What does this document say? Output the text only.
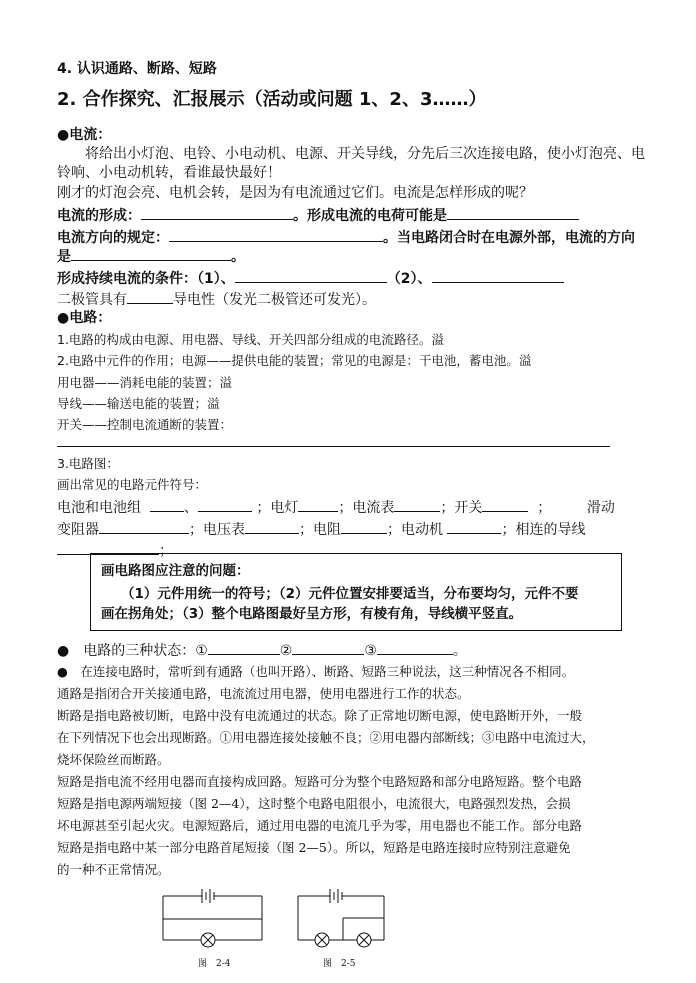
4. 认识通路、断路、短路
2. 合作探究、汇报展示（活动或问题 1、2、3……）
●电流：
将给出小灯泡、电铃、小电动机、电源、开关导线，分先后三次连接电路，使小灯泡亮、电
铃响、小电动机转，看谁最快最好！
刚才的灯泡会亮、电机会转，是因为有电流通过它们。电流是怎样形成的呢？
电流的形成：	。形成电流的电荷可能是
电流方向的规定：	。当电路闭合时在电源外部，电流的方向
是	。
形成持续电流的条件：（1）、	（2）、
二极管具有	导电性（发光二极管还可发光）。
●电路：
1.电路的构成由电源、用电器、导线、开关四部分组成的电流路径。溢
2.电路中元件的作用；电源——提供电能的装置；常见的电源是：干电池，蓄电池。溢
用电器——消耗电能的装置；溢
导线——输送电能的装置；溢
开关——控制电流通断的装置：
3.电路图：
画出常见的电路元件符号：
电池和电池组	、	；电灯	；电流表	；开关	；	滑动
变阻器	；电压表	；电阻	；电动机	；相连的导线
；
画电路图应注意的问题：
（1）元件用统一的符号；（2）元件位置安排要适当，分布要均匀，元件不要
画在拐角处；（3）整个电路图最好呈方形，有棱有角，导线横平竖直。
●　电路的三种状态：①	②	③	。
●　在连接电路时，常听到有通路（也叫开路）、断路、短路三种说法，这三种情况各不相同。
通路是指闭合开关接通电路，电流流过用电器，使用电器进行工作的状态。
断路是指电路被切断，电路中没有电流通过的状态。除了正常地切断电源，使电路断开外，一般
在下列情况下也会出现断路。①用电器连接处接触不良；②用电器内部断线；③电路中电流过大，
烧坏保险丝而断路。
短路是指电流不经用电器而直接构成回路。短路可分为整个电路短路和部分电路短路。整个电路
短路是指电源两端短接（图 2—4），这时整个电路电阻很小，电流很大，电路强烈发热，会损
坏电源甚至引起火灾。电源短路后，通过用电器的电流几乎为零，用电器也不能工作。部分电路
短路是指电路中某一部分电路首尾短接（图 2—5）。所以，短路是电路连接时应特别注意避免
的一种不正常情况。
图　2-4	图　2-5
